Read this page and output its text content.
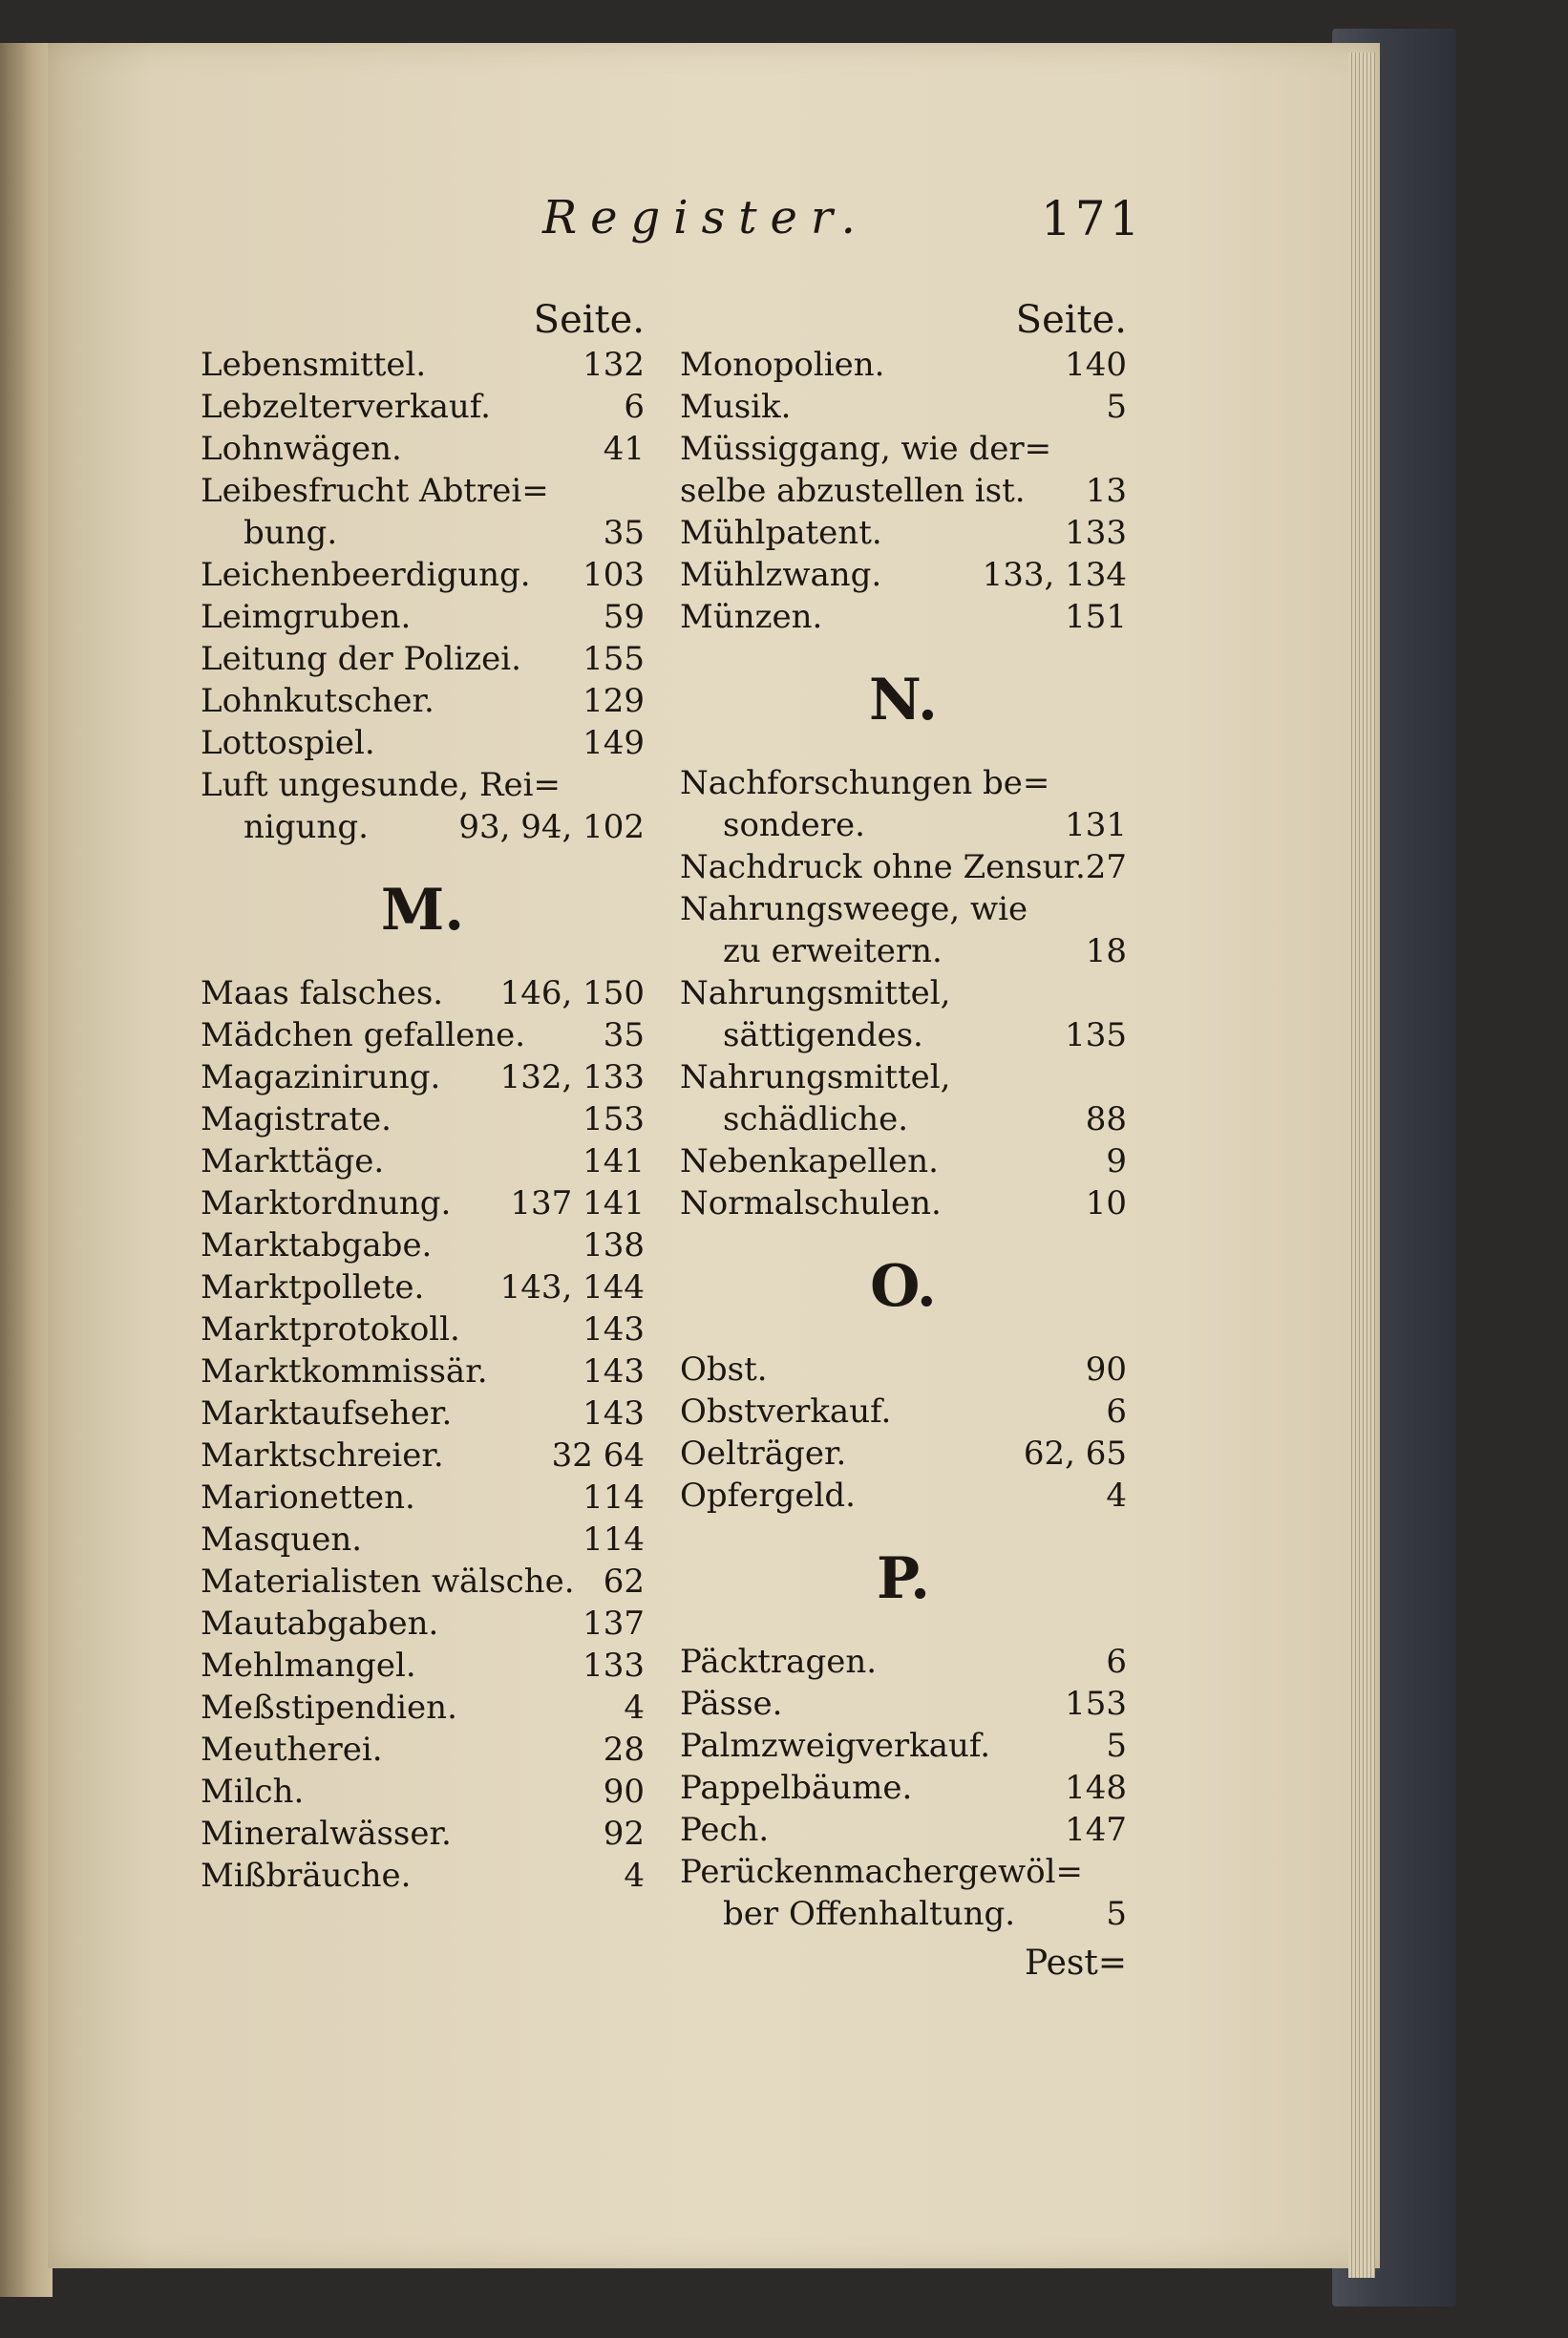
Register.	171
Seite.
Lebensmittel.	132
Lebzelterverkauf.	6
Lohnwägen.	41
Leibesfrucht Abtrei=
bung.	35
Leichenbeerdigung. 103
Leimgruben.	59
Leitung der Polizei. 155
Lohnkutscher.	129
Lottospiel.	149
Luft ungesunde, Rei=
nigung.	93, 94, 102
M.
Maas falsches. 146, 150
Mädchen gefallene. 35
Magazinirung. 132, 133
Magistrate.	153
Markttäge.	141
Marktordnung. 137 141
Marktabgabe.	138
Marktpollete. 143, 144
Marktprotokoll.	143
Marktkommissär.	143
Marktaufseher.	143
Marktschreier.	32 64
Marionetten.	114
Masquen.	114
Materialisten wälsche. 62
Mautabgaben.	137
Mehlmangel.	133
Meßstipendien.	4
Meutherei.	28
Milch.	90
Mineralwässer.	92
Mißbräuche.	4
Seite.
Monopolien.	140
Musik.	5
Müssiggang, wie der=
selbe abzustellen ist. 13
Mühlpatent.	133
Mühlzwang.	133, 134
Münzen.	151
N.
Nachforschungen be=
sondere.	131
Nachdruck ohne Zensur. 27
Nahrungsweege, wie
zu erweitern.	18
Nahrungsmittel,
sättigendes.	135
Nahrungsmittel,
schädliche.	88
Nebenkapellen.	9
Normalschulen.	10
O.
Obst.	90
Obstverkauf.	6
Oelträger.	62, 65
Opfergeld.	4
P.
Päcktragen.	6
Pässe.	153
Palmzweigverkauf.	5
Pappelbäume.	148
Pech.	147
Perückenmachergewöl=
ber Offenhaltung.	5
Pest=
